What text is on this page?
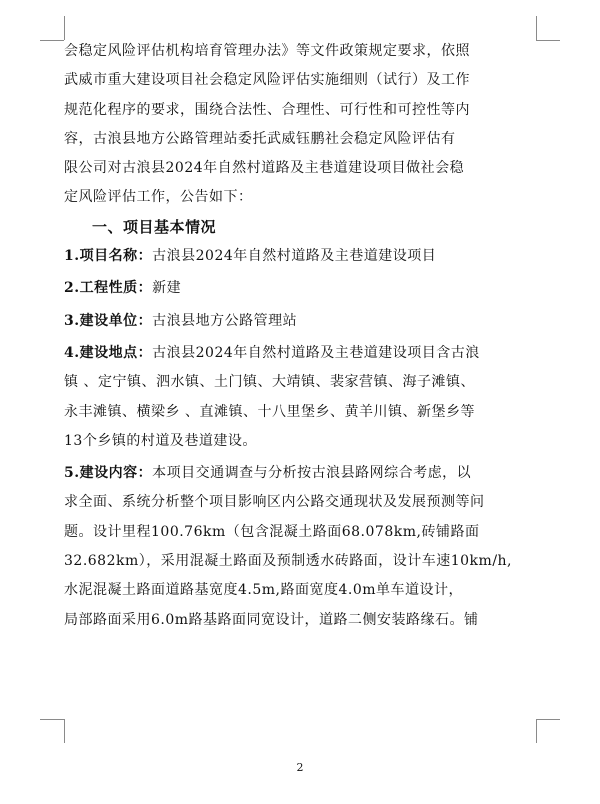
会稳定风险评估机构培育管理办法》等文件政策规定要求，依照
武威市重大建设项目社会稳定风险评估实施细则（试行）及工作
规范化程序的要求，围绕合法性、合理性、可行性和可控性等内
容，古浪县地方公路管理站委托武威钰鹏社会稳定风险评估有
限公司对古浪县2024年自然村道路及主巷道建设项目做社会稳
定风险评估工作，公告如下：
一、项目基本情况
1.项目名称：古浪县2024年自然村道路及主巷道建设项目
2.工程性质：新建
3.建设单位：古浪县地方公路管理站
4.建设地点：古浪县2024年自然村道路及主巷道建设项目含古浪
镇 、定宁镇、泗水镇、土门镇、大靖镇、裴家营镇、海子滩镇、
永丰滩镇、横梁乡 、直滩镇、十八里堡乡、黄羊川镇、新堡乡等
13个乡镇的村道及巷道建设。
5.建设内容：本项目交通调查与分析按古浪县路网综合考虑，以
求全面、系统分析整个项目影响区内公路交通现状及发展预测等问
题。设计里程100.76km（包含混凝土路面68.078km,砖铺路面
32.682km），采用混凝土路面及预制透水砖路面，设计车速10km/h,
水泥混凝土路面道路基宽度4.5m,路面宽度4.0m单车道设计，
局部路面采用6.0m路基路面同宽设计，道路二侧安装路缘石。铺
2
